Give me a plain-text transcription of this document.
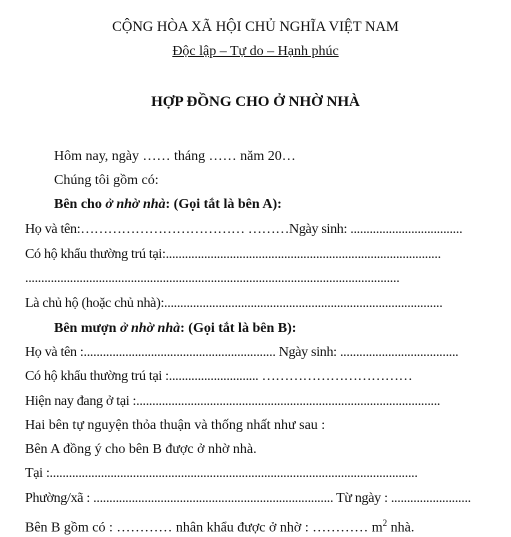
CỘNG HÒA XÃ HỘI CHỦ NGHĨA VIỆT NAM
Độc lập – Tự do – Hạnh phúc
HỢP ĐỒNG CHO Ở NHỜ NHÀ
Hôm nay, ngày …… tháng …… năm 20…
Chúng tôi gồm có:
Bên cho ở nhờ nhà: (Gọi tắt là bên A):
Họ và tên:……………………………… ………Ngày sinh: ...................................
Có hộ khẩu thường trú tại:......................................................................................
.....................................................................................................................
Là chủ hộ (hoặc chủ nhà):.......................................................................................
Bên mượn ở nhờ nhà: (Gọi tắt là bên B):
Họ và tên :............................................................ Ngày sinh: .....................................
Có hộ khẩu thường trú tại :............................ ……………………………
Hiện nay đang ở tại :...............................................................................................
Hai bên tự nguyện thỏa thuận và thống nhất như sau :
Bên A đồng ý cho bên B được ở nhờ nhà.
Tại :...................................................................................................................
Phường/xã : ........................................................................... Từ ngày : .........................
Bên B gồm có : ………… nhân khẩu được ở nhờ : ………… $m^2$ nhà.
